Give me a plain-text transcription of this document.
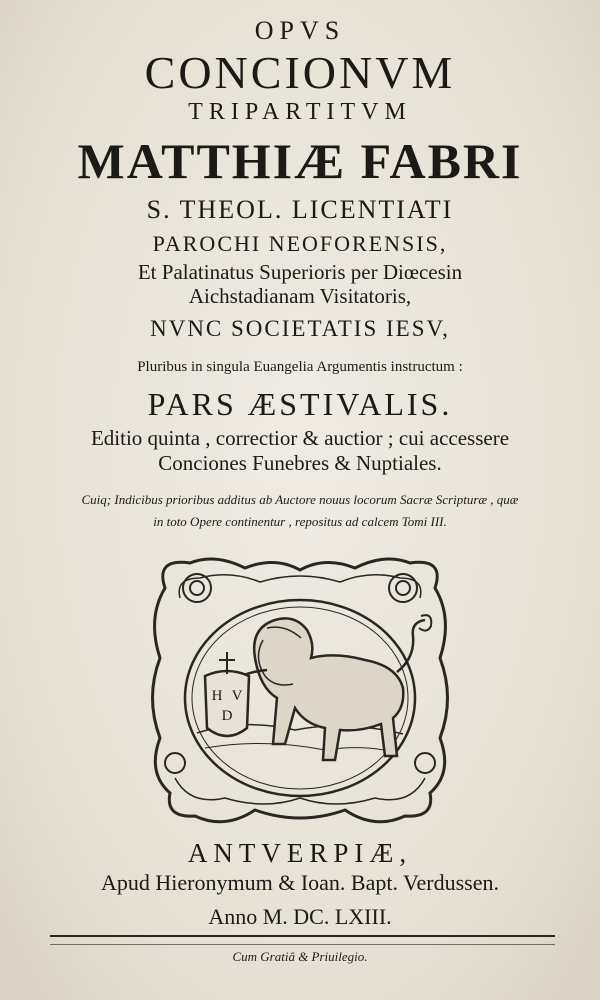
OPVS
CONCIONVM
TRIPARTITVM
MATTHIÆ FABRI
S. THEOL. LICENTIATI
PAROCHI NEOFORENSIS,
Et Palatinatus Superioris per Diœcesin
Aichstadianam Visitatoris,
NVNC SOCIETATIS IESV,
Pluribus in singula Euangelia Argumentis instructum :
PARS ÆSTIVALIS.
Editio quinta , correctior & auctior ; cui accessere
Conciones Funebres & Nuptiales.
Cuiq; Indicibus prioribus additus ab Auctore nouus locorum Sacræ Scripturæ , quæ
in toto Opere continentur , repositus ad calcem Tomi III.
H V
D
ANTVERPIÆ,
Apud Hieronymum & Ioan. Bapt. Verdussen.
Anno M. DC. LXIII.
Cum Gratiâ & Priuilegio.
